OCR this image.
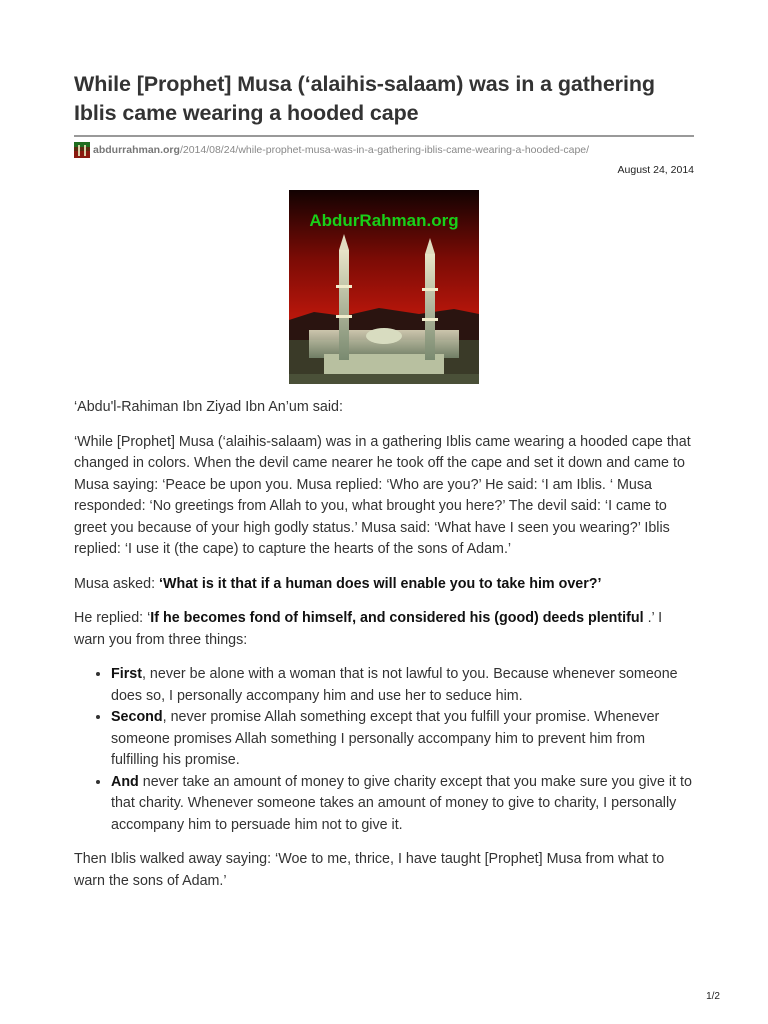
While [Prophet] Musa (‘alaihis-salaam) was in a gathering Iblis came wearing a hooded cape
abdurrahman.org/2014/08/24/while-prophet-musa-was-in-a-gathering-iblis-came-wearing-a-hooded-cape/
August 24, 2014
AbdurRahman.org

‘Abdu'l-Rahiman Ibn Ziyad Ibn An’um said:

‘While [Prophet] Musa (‘alaihis-salaam) was in a gathering Iblis came wearing a hooded cape that changed in colors. When the devil came nearer he took off the cape and set it down and came to Musa saying: ‘Peace be upon you. Musa replied: ‘Who are you?’ He said: ‘I am Iblis. ‘ Musa responded: ‘No greetings from Allah to you, what brought you here?’ The devil said: ‘I came to greet you because of your high godly status.’ Musa said: ‘What have I seen you wearing?’ Iblis replied: ‘I use it (the cape) to capture the hearts of the sons of Adam.’

Musa asked: ‘What is it that if a human does will enable you to take him over?’

He replied: ‘If he becomes fond of himself, and considered his (good) deeds plentiful .’ I warn you from three things:

• First, never be alone with a woman that is not lawful to you. Because whenever someone does so, I personally accompany him and use her to seduce him.
• Second, never promise Allah something except that you fulfill your promise. Whenever someone promises Allah something I personally accompany him to prevent him from fulfilling his promise.
• And never take an amount of money to give charity except that you make sure you give it to that charity. Whenever someone takes an amount of money to give to charity, I personally accompany him to persuade him not to give it.

Then Iblis walked away saying: ‘Woe to me, thrice, I have taught [Prophet] Musa from what to warn the sons of Adam.’

1/2
